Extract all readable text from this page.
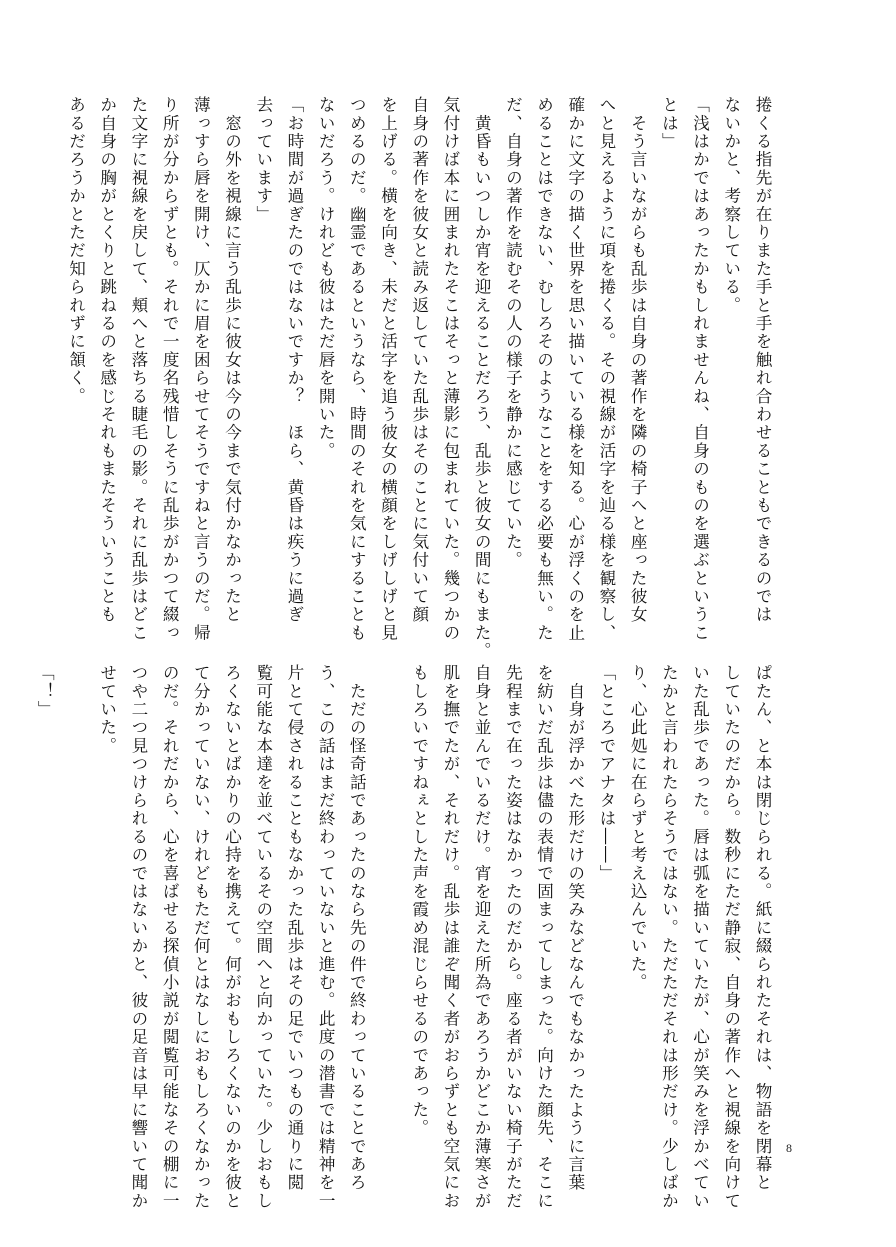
捲くる指先が在りまた手と手を触れ合わせることもできるのでは
ないかと、考察している。
「浅はかではあったかもしれませんね、自身のものを選ぶというこ
とは」
　そう言いながらも乱歩は自身の著作を隣の椅子へと座った彼女
へと見えるように項を捲くる。その視線が活字を辿る様を観察し、
確かに文字の描く世界を思い描いている様を知る。心が浮くのを止
めることはできない、むしろそのようなことをする必要も無い。た
だ、自身の著作を読むその人の様子を静かに感じていた。
　黄昏もいつしか宵を迎えることだろう、乱歩と彼女の間にもまた。
気付けば本に囲まれたそこはそっと薄影に包まれていた。幾つかの
自身の著作を彼女と読み返していた乱歩はそのことに気付いて顔
を上げる。横を向き、未だと活字を追う彼女の横顔をしげしげと見
つめるのだ。幽霊であるというなら、時間のそれを気にすることも
ないだろう。けれども彼はただ唇を開いた。
「お時間が過ぎたのではないですか？　ほら、黄昏は疾うに過ぎ
去っています」
　窓の外を視線に言う乱歩に彼女は今の今まで気付かなかったと
薄っすら唇を開け、仄かに眉を困らせてそうですねと言うのだ。帰
り所が分からずとも。それで一度名残惜しそうに乱歩がかつて綴っ
た文字に視線を戻して、頬へと落ちる睫毛の影。それに乱歩はどこ
か自身の胸がとくりと跳ねるのを感じそれもまたそういうことも
あるだろうかとただ知られずに頷く。
ぱたん、と本は閉じられる。紙に綴られたそれは、物語を閉幕と
していたのだから。数秒にただ静寂、自身の著作へと視線を向けて
いた乱歩であった。唇は弧を描いていたが、心が笑みを浮かべてい
たかと言われたらそうではない。ただただそれは形だけ。少しばか
り、心此処に在らずと考え込んでいた。
「ところでアナタは――」
　自身が浮かべた形だけの笑みなどなんでもなかったように言葉
を紡いだ乱歩は儘の表情で固まってしまった。向けた顔先、そこに
先程まで在った姿はなかったのだから。座る者がいない椅子がただ
自身と並んでいるだけ。宵を迎えた所為であろうかどこか薄寒さが
肌を撫でたが、それだけ。乱歩は誰ぞ聞く者がおらずとも空気にお
もしろいですねぇとした声を霞め混じらせるのであった。

　ただの怪奇話であったのなら先の件で終わっていることであろ
う、この話はまだ終わっていないと進む。此度の潜書では精神を一
片とて侵されることもなかった乱歩はその足でいつもの通りに閲
覧可能な本達を並べているその空間へと向かっていた。少しおもし
ろくないとばかりの心持を携えて。何がおもしろくないのかを彼と
て分かっていない、けれどもただ何とはなしにおもしろくなかった
のだ。それだから、心を喜ばせる探偵小説が閲覧可能なその棚に一
つや二つ見つけられるのではないかと、彼の足音は早に響いて聞か
せていた。

「！」
8
